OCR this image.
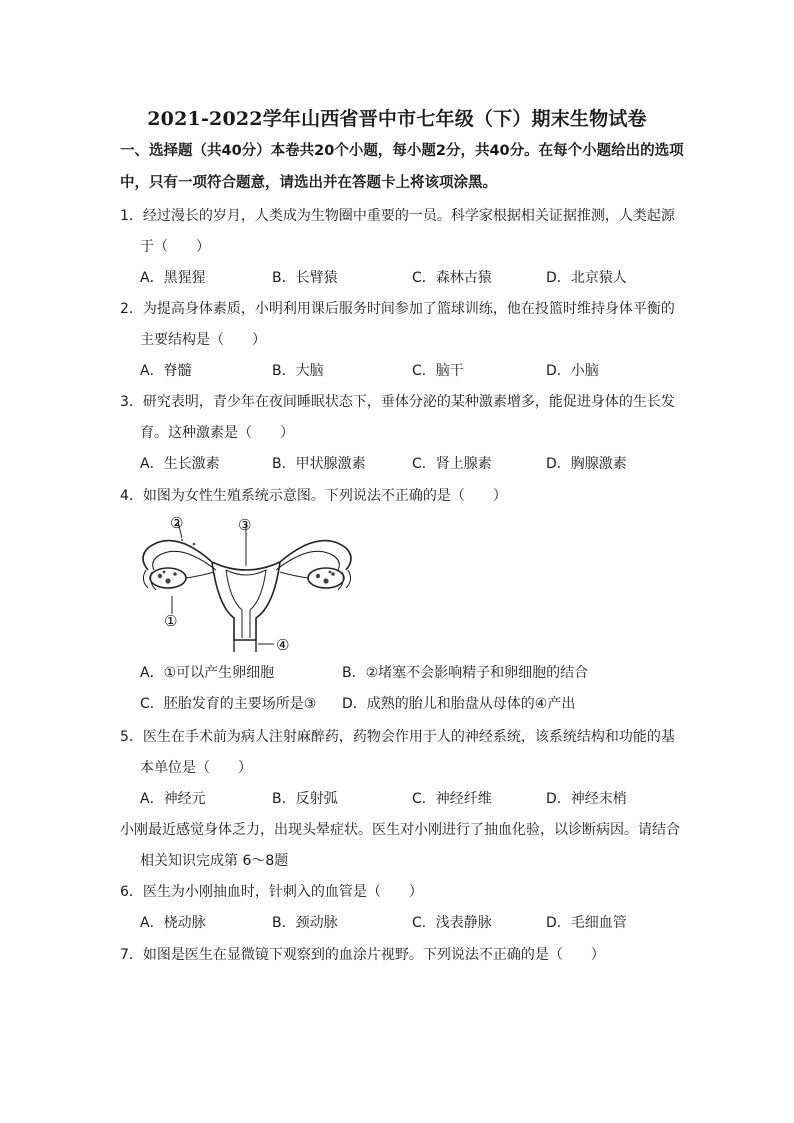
2021-2022学年山西省晋中市七年级（下）期末生物试卷
一、选择题（共40分）本卷共20个小题，每小题2分，共40分。在每个小题给出的选项
中，只有一项符合题意，请选出并在答题卡上将该项涂黑。
1．经过漫长的岁月，人类成为生物圈中重要的一员。科学家根据相关证据推测，人类起源
于（　　）
A．黑猩猩	B．长臂猿	C．森林古猿	D．北京猿人
2．为提高身体素质，小明利用课后服务时间参加了篮球训练，他在投篮时维持身体平衡的
主要结构是（　　）
A．脊髓	B．大脑	C．脑干	D．小脑
3．研究表明，青少年在夜间睡眠状态下，垂体分泌的某种激素增多，能促进身体的生长发
育。这种激素是（　　）
A．生长激素	B．甲状腺激素	C．肾上腺素	D．胸腺激素
4．如图为女性生殖系统示意图。下列说法不正确的是（　　）
②	③
①
④
A．①可以产生卵细胞	B．②堵塞不会影响精子和卵细胞的结合
C．胚胎发育的主要场所是③ D．成熟的胎儿和胎盘从母体的④产出
5．医生在手术前为病人注射麻醉药，药物会作用于人的神经系统，该系统结构和功能的基
本单位是（　　）
A．神经元	B．反射弧	C．神经纤维	D．神经末梢
小刚最近感觉身体乏力，出现头晕症状。医生对小刚进行了抽血化验，以诊断病因。请结合
相关知识完成第 6～8题
6．医生为小刚抽血时，针刺入的血管是（　　）
A．桡动脉	B．颈动脉	C．浅表静脉	D．毛细血管
7．如图是医生在显微镜下观察到的血涂片视野。下列说法不正确的是（　　）
